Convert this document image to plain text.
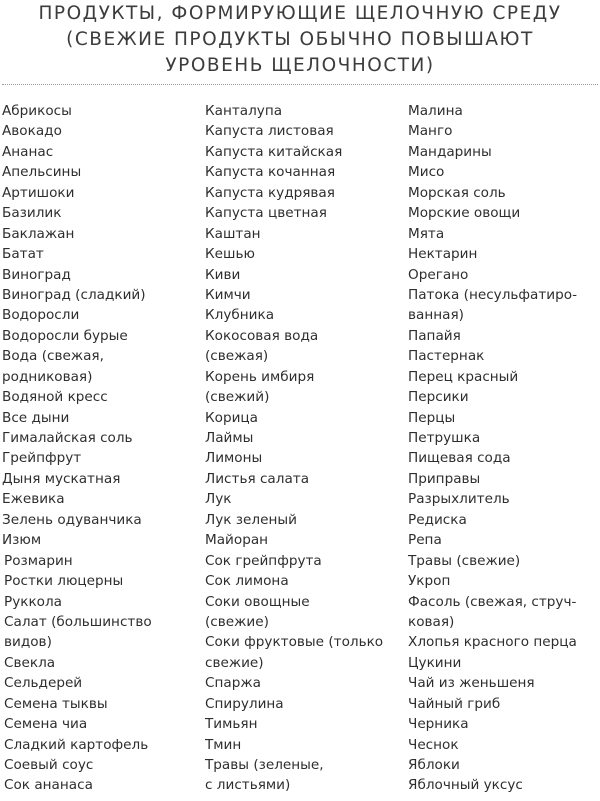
ПРОДУКТЫ, ФОРМИРУЮЩИЕ ЩЕЛОЧНУЮ СРЕДУ
(СВЕЖИЕ ПРОДУКТЫ ОБЫЧНО ПОВЫШАЮТ
УРОВЕНЬ ЩЕЛОЧНОСТИ)
Абрикосы
Авокадо
Ананас
Апельсины
Артишоки
Базилик
Баклажан
Батат
Виноград
Виноград (сладкий)
Водоросли
Водоросли бурые
Вода (свежая,
родниковая)
Водяной кресс
Все дыни
Гималайская соль
Грейпфрут
Дыня мускатная
Ежевика
Зелень одуванчика
Изюм
Розмарин
Ростки люцерны
Руккола
Салат (большинство
видов)
Свекла
Сельдерей
Семена тыквы
Семена чиа
Сладкий картофель
Соевый соус
Сок ананаса
Канталупа
Капуста листовая
Капуста китайская
Капуста кочанная
Капуста кудрявая
Капуста цветная
Каштан
Кешью
Киви
Кимчи
Клубника
Кокосовая вода
(свежая)
Корень имбиря
(свежий)
Корица
Лаймы
Лимоны
Листья салата
Лук
Лук зеленый
Майоран
Сок грейпфрута
Сок лимона
Соки овощные
(свежие)
Соки фруктовые (только
свежие)
Спаржа
Спирулина
Тимьян
Тмин
Травы (зеленые,
с листьями)
Малина
Манго
Мандарины
Мисо
Морская соль
Морские овощи
Мята
Нектарин
Орегано
Патока (несульфатиро-
ванная)
Папайя
Пастернак
Перец красный
Персики
Перцы
Петрушка
Пищевая сода
Приправы
Разрыхлитель
Редиска
Репа
Травы (свежие)
Укроп
Фасоль (свежая, струч-
ковая)
Хлопья красного перца
Цукини
Чай из женьшеня
Чайный гриб
Черника
Чеснок
Яблоки
Яблочный уксус
